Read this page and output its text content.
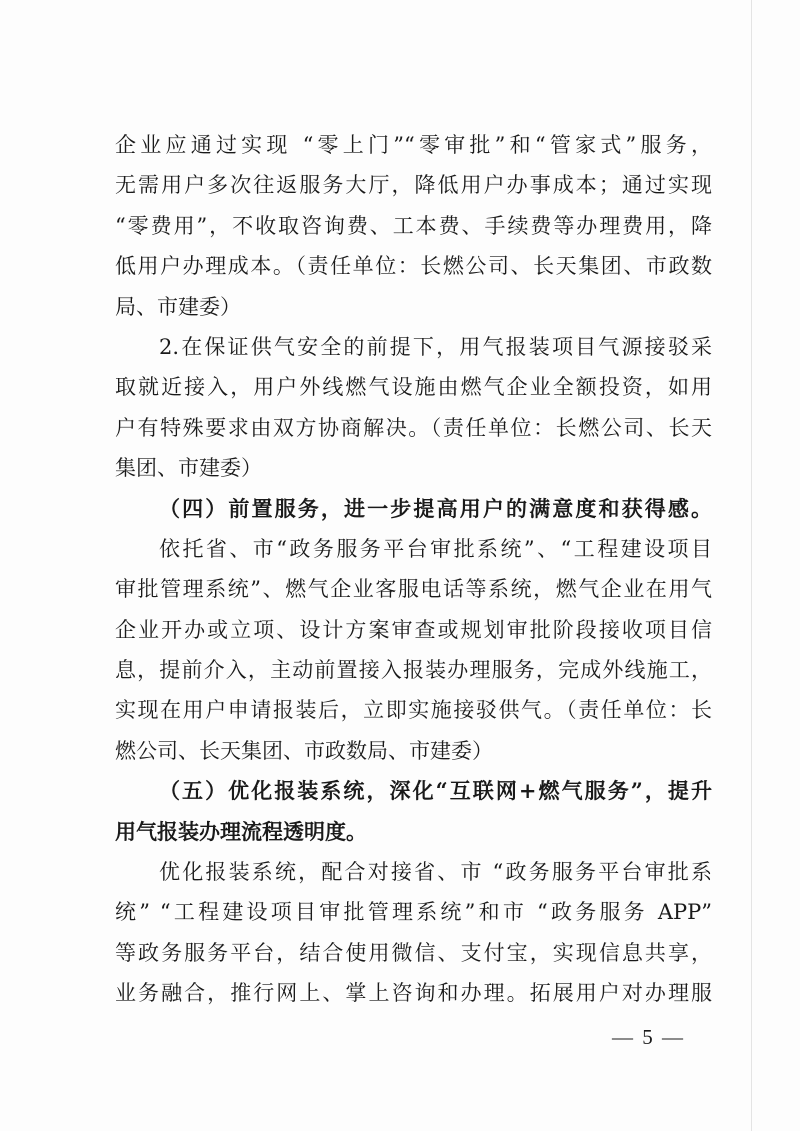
企业应通过实现 “零上门”“零审批”和“管家式”服务，
无需用户多次往返服务大厅，降低用户办事成本；通过实现
“零费用”，不收取咨询费、工本费、手续费等办理费用，降
低用户办理成本。（责任单位：长燃公司、长天集团、市政数
局、市建委）
2.在保证供气安全的前提下，用气报装项目气源接驳采
取就近接入，用户外线燃气设施由燃气企业全额投资，如用
户有特殊要求由双方协商解决。（责任单位：长燃公司、长天
集团、市建委）
（四）前置服务，进一步提高用户的满意度和获得感。
依托省、市“政务服务平台审批系统”、“工程建设项目
审批管理系统”、燃气企业客服电话等系统，燃气企业在用气
企业开办或立项、设计方案审查或规划审批阶段接收项目信
息，提前介入，主动前置接入报装办理服务，完成外线施工，
实现在用户申请报装后，立即实施接驳供气。（责任单位：长
燃公司、长天集团、市政数局、市建委）
（五）优化报装系统，深化“互联网+燃气服务”，提升
用气报装办理流程透明度。
优化报装系统，配合对接省、市 “政务服务平台审批系
统” “工程建设项目审批管理系统”和市 “政务服务 APP”
等政务服务平台，结合使用微信、支付宝，实现信息共享，
业务融合，推行网上、掌上咨询和办理。拓展用户对办理服
— 5 —
